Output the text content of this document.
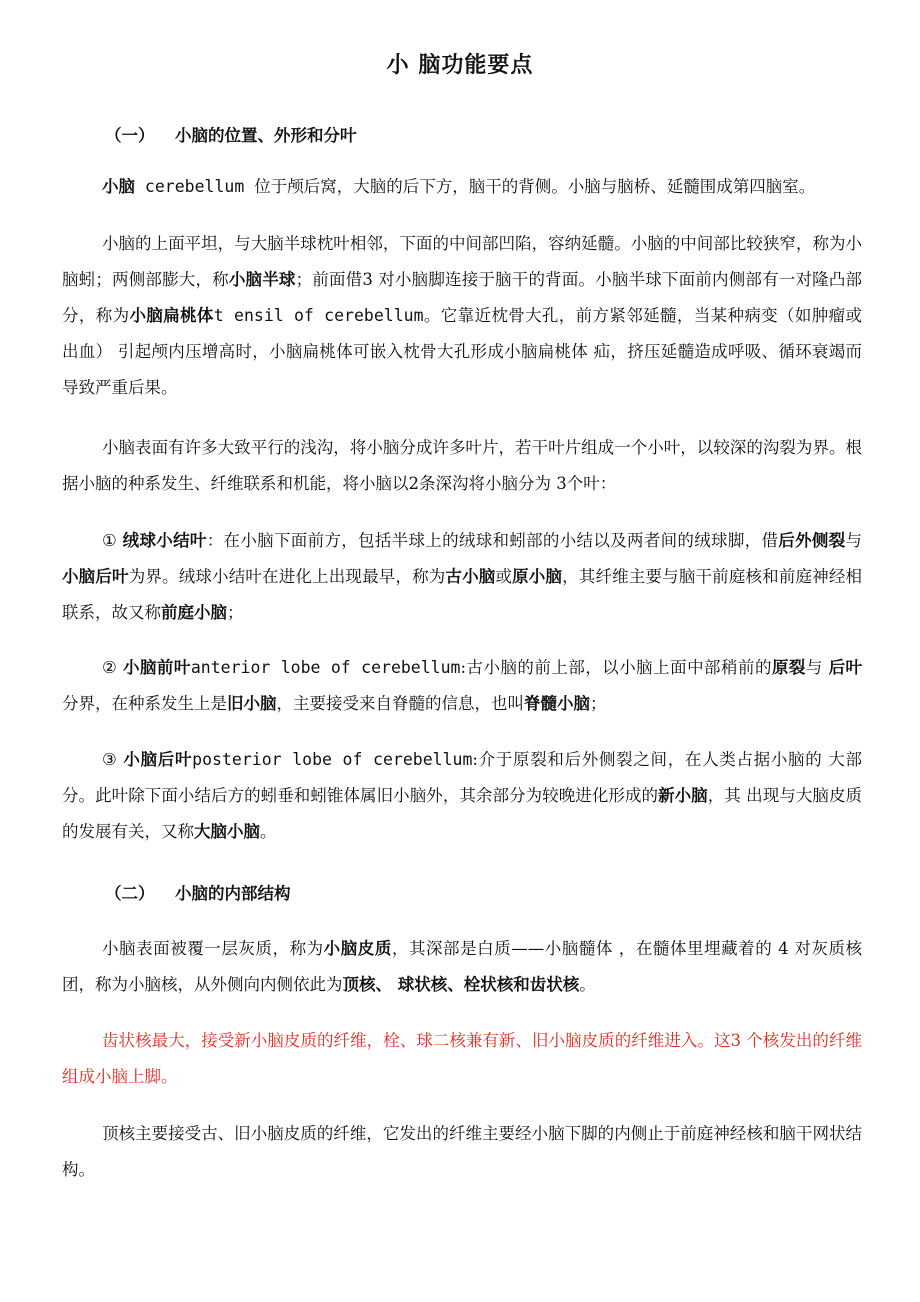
小 脑功能要点
（一） 小脑的位置、外形和分叶

小脑 cerebellum 位于颅后窝，大脑的后下方，脑干的背侧。小脑与脑桥、延髓围成第四脑室。

小脑的上面平坦，与大脑半球枕叶相邻，下面的中间部凹陷，容纳延髓。小脑的中间部比较狭窄，称为小脑蚓；两侧部膨大，称小脑半球；前面借3 对小脑脚连接于脑干的背面。小脑半球下面前内侧部有一对隆凸部分，称为小脑扁桃体t ensil of cerebellum。它靠近枕骨大孔，前方紧邻延髓，当某种病变（如肿瘤或出血） 引起颅内压增高时，小脑扁桃体可嵌入枕骨大孔形成小脑扁桃体 疝，挤压延髓造成呼吸、循环衰竭而导致严重后果。

小脑表面有许多大致平行的浅沟，将小脑分成许多叶片，若干叶片组成一个小叶，以较深的沟裂为界。根据小脑的种系发生、纤维联系和机能，将小脑以2条深沟将小脑分为 3个叶：

① 绒球小结叶：在小脑下面前方，包括半球上的绒球和蚓部的小结以及两者间的绒球脚，借后外侧裂与小脑后叶为界。绒球小结叶在进化上出现最早，称为古小脑或原小脑，其纤维主要与脑干前庭核和前庭神经相联系，故又称前庭小脑；

② 小脑前叶anterior lobe of cerebellum:古小脑的前上部，以小脑上面中部稍前的原裂与 后叶分界，在种系发生上是旧小脑，主要接受来自脊髓的信息，也叫脊髓小脑；

③ 小脑后叶posterior lobe of cerebellum:介于原裂和后外侧裂之间，在人类占据小脑的 大部分。此叶除下面小结后方的蚓垂和蚓锥体属旧小脑外，其余部分为较晚进化形成的新小脑，其 出现与大脑皮质的发展有关，又称大脑小脑。

（二） 小脑的内部结构

小脑表面被覆一层灰质，称为小脑皮质，其深部是白质——小脑髓体 ，在髓体里埋藏着的 4 对灰质核团，称为小脑核，从外侧向内侧依此为顶核、 球状核、栓状核和齿状核。

齿状核最大，接受新小脑皮质的纤维，栓、球二核兼有新、旧小脑皮质的纤维进入。这3 个核发出的纤维组成小脑上脚。

顶核主要接受古、旧小脑皮质的纤维，它发出的纤维主要经小脑下脚的内侧止于前庭神经核和脑干网状结构。
